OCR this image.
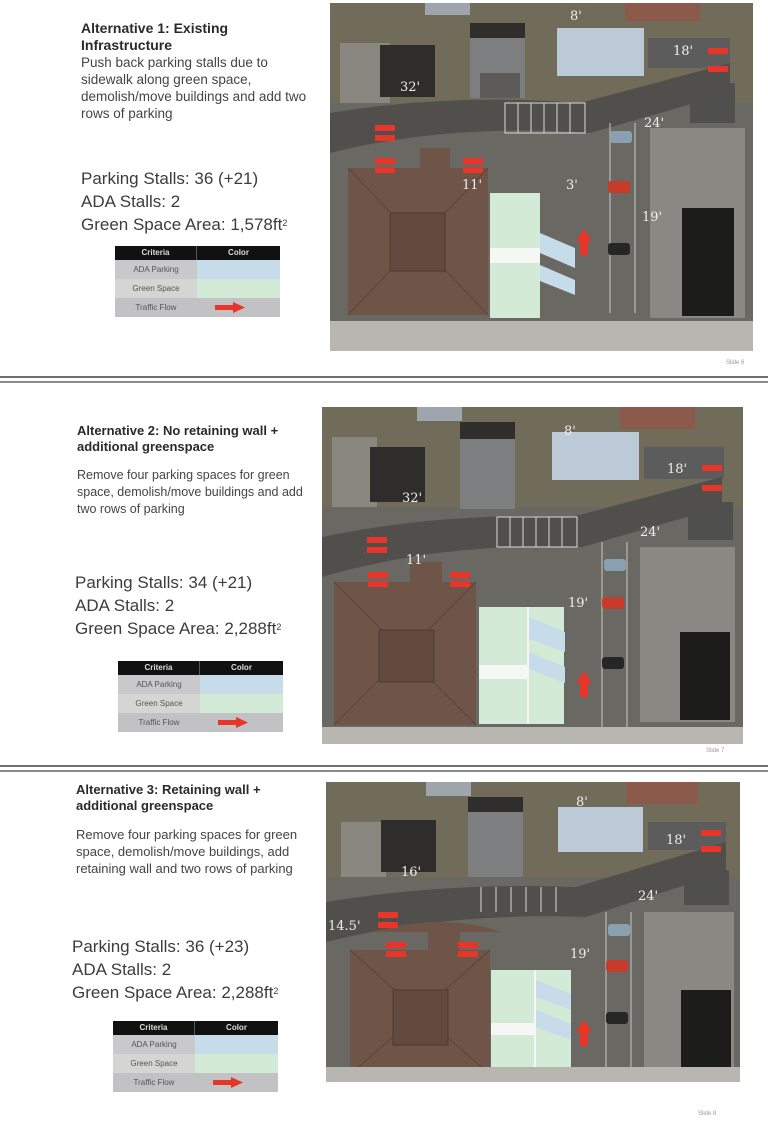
Alternative 1: Existing Infrastructure
Push back parking stalls due to sidewalk along green space, demolish/move buildings and add two rows of parking
Parking Stalls: 36 (+21)
ADA Stalls: 2
Green Space Area: $1,578ft^2$
Criteria	Color
ADA Parking
Green Space
Traffic Flow
8'
18'
32'
24'
11'	3'
19'
Slide 6
Alternative 2: No retaining wall + additional greenspace
Remove four parking spaces for green space, demolish/move buildings and add two rows of parking
Parking Stalls: 34 (+21)
ADA Stalls: 2
Green Space Area: $2,288ft^2$
Criteria	Color
ADA Parking
Green Space
Traffic Flow
8'
18'
32'
24'
11'
19'
Slide 7
Alternative 3: Retaining wall + additional greenspace
Remove four parking spaces for green space, demolish/move buildings, add retaining wall and two rows of parking
Parking Stalls: 36 (+23)
ADA Stalls: 2
Green Space Area: $2,288ft^2$
Criteria	Color
ADA Parking
Green Space
Traffic Flow
8'
18'
16'
24'
14.5'
19'
Slide 8
